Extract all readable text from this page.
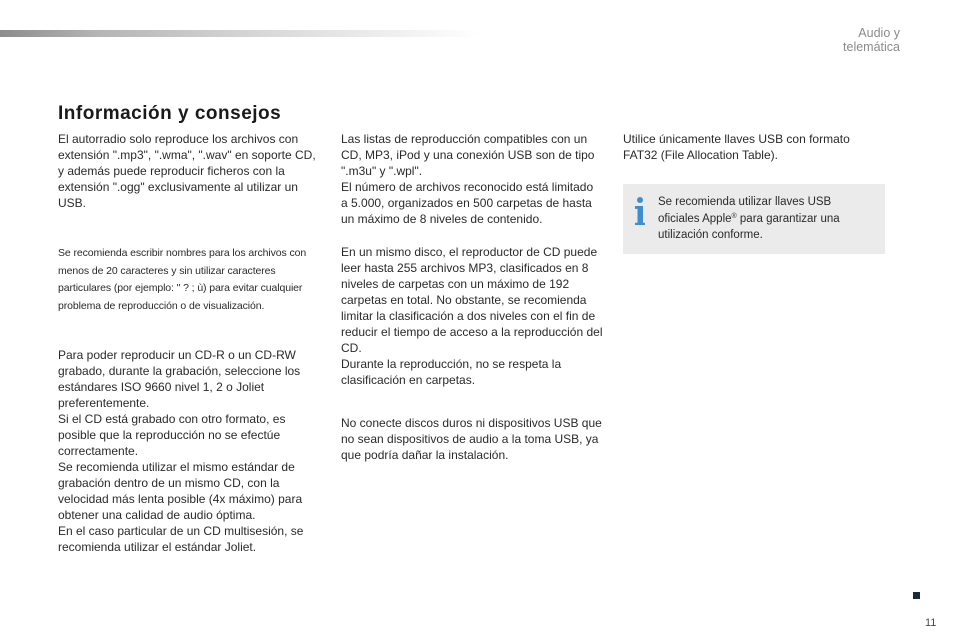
Audio y telemática
Información y consejos

El autorradio solo reproduce los archivos con extensión ".mp3", ".wma", ".wav" en soporte CD, y además puede reproducir ficheros con la extensión ".ogg" exclusivamente al utilizar un USB.

Se recomienda escribir nombres para los archivos con menos de 20 caracteres y sin utilizar caracteres particulares (por ejemplo: " ? ; ù) para evitar cualquier problema de reproducción o de visualización.

Para poder reproducir un CD-R o un CD-RW grabado, durante la grabación, seleccione los estándares ISO 9660 nivel 1, 2 o Joliet preferentemente.

Si el CD está grabado con otro formato, es posible que la reproducción no se efectúe correctamente.

Se recomienda utilizar el mismo estándar de grabación dentro de un mismo CD, con la velocidad más lenta posible (4x máximo) para obtener una calidad de audio óptima.

En el caso particular de un CD multisesión, se recomienda utilizar el estándar Joliet.

Las listas de reproducción compatibles con un CD, MP3, iPod y una conexión USB son de tipo ".m3u" y ".wpl".

El número de archivos reconocido está limitado a 5.000, organizados en 500 carpetas de hasta un máximo de 8 niveles de contenido.

En un mismo disco, el reproductor de CD puede leer hasta 255 archivos MP3, clasificados en 8 niveles de carpetas con un máximo de 192 carpetas en total. No obstante, se recomienda limitar la clasificación a dos niveles con el fin de reducir el tiempo de acceso a la reproducción del CD.

Durante la reproducción, no se respeta la clasificación en carpetas.

No conecte discos duros ni dispositivos USB que no sean dispositivos de audio a la toma USB, ya que podría dañar la instalación.

Utilice únicamente llaves USB con formato FAT32 (File Allocation Table).

Se recomienda utilizar llaves USB oficiales Apple® para garantizar una utilización conforme.
11
